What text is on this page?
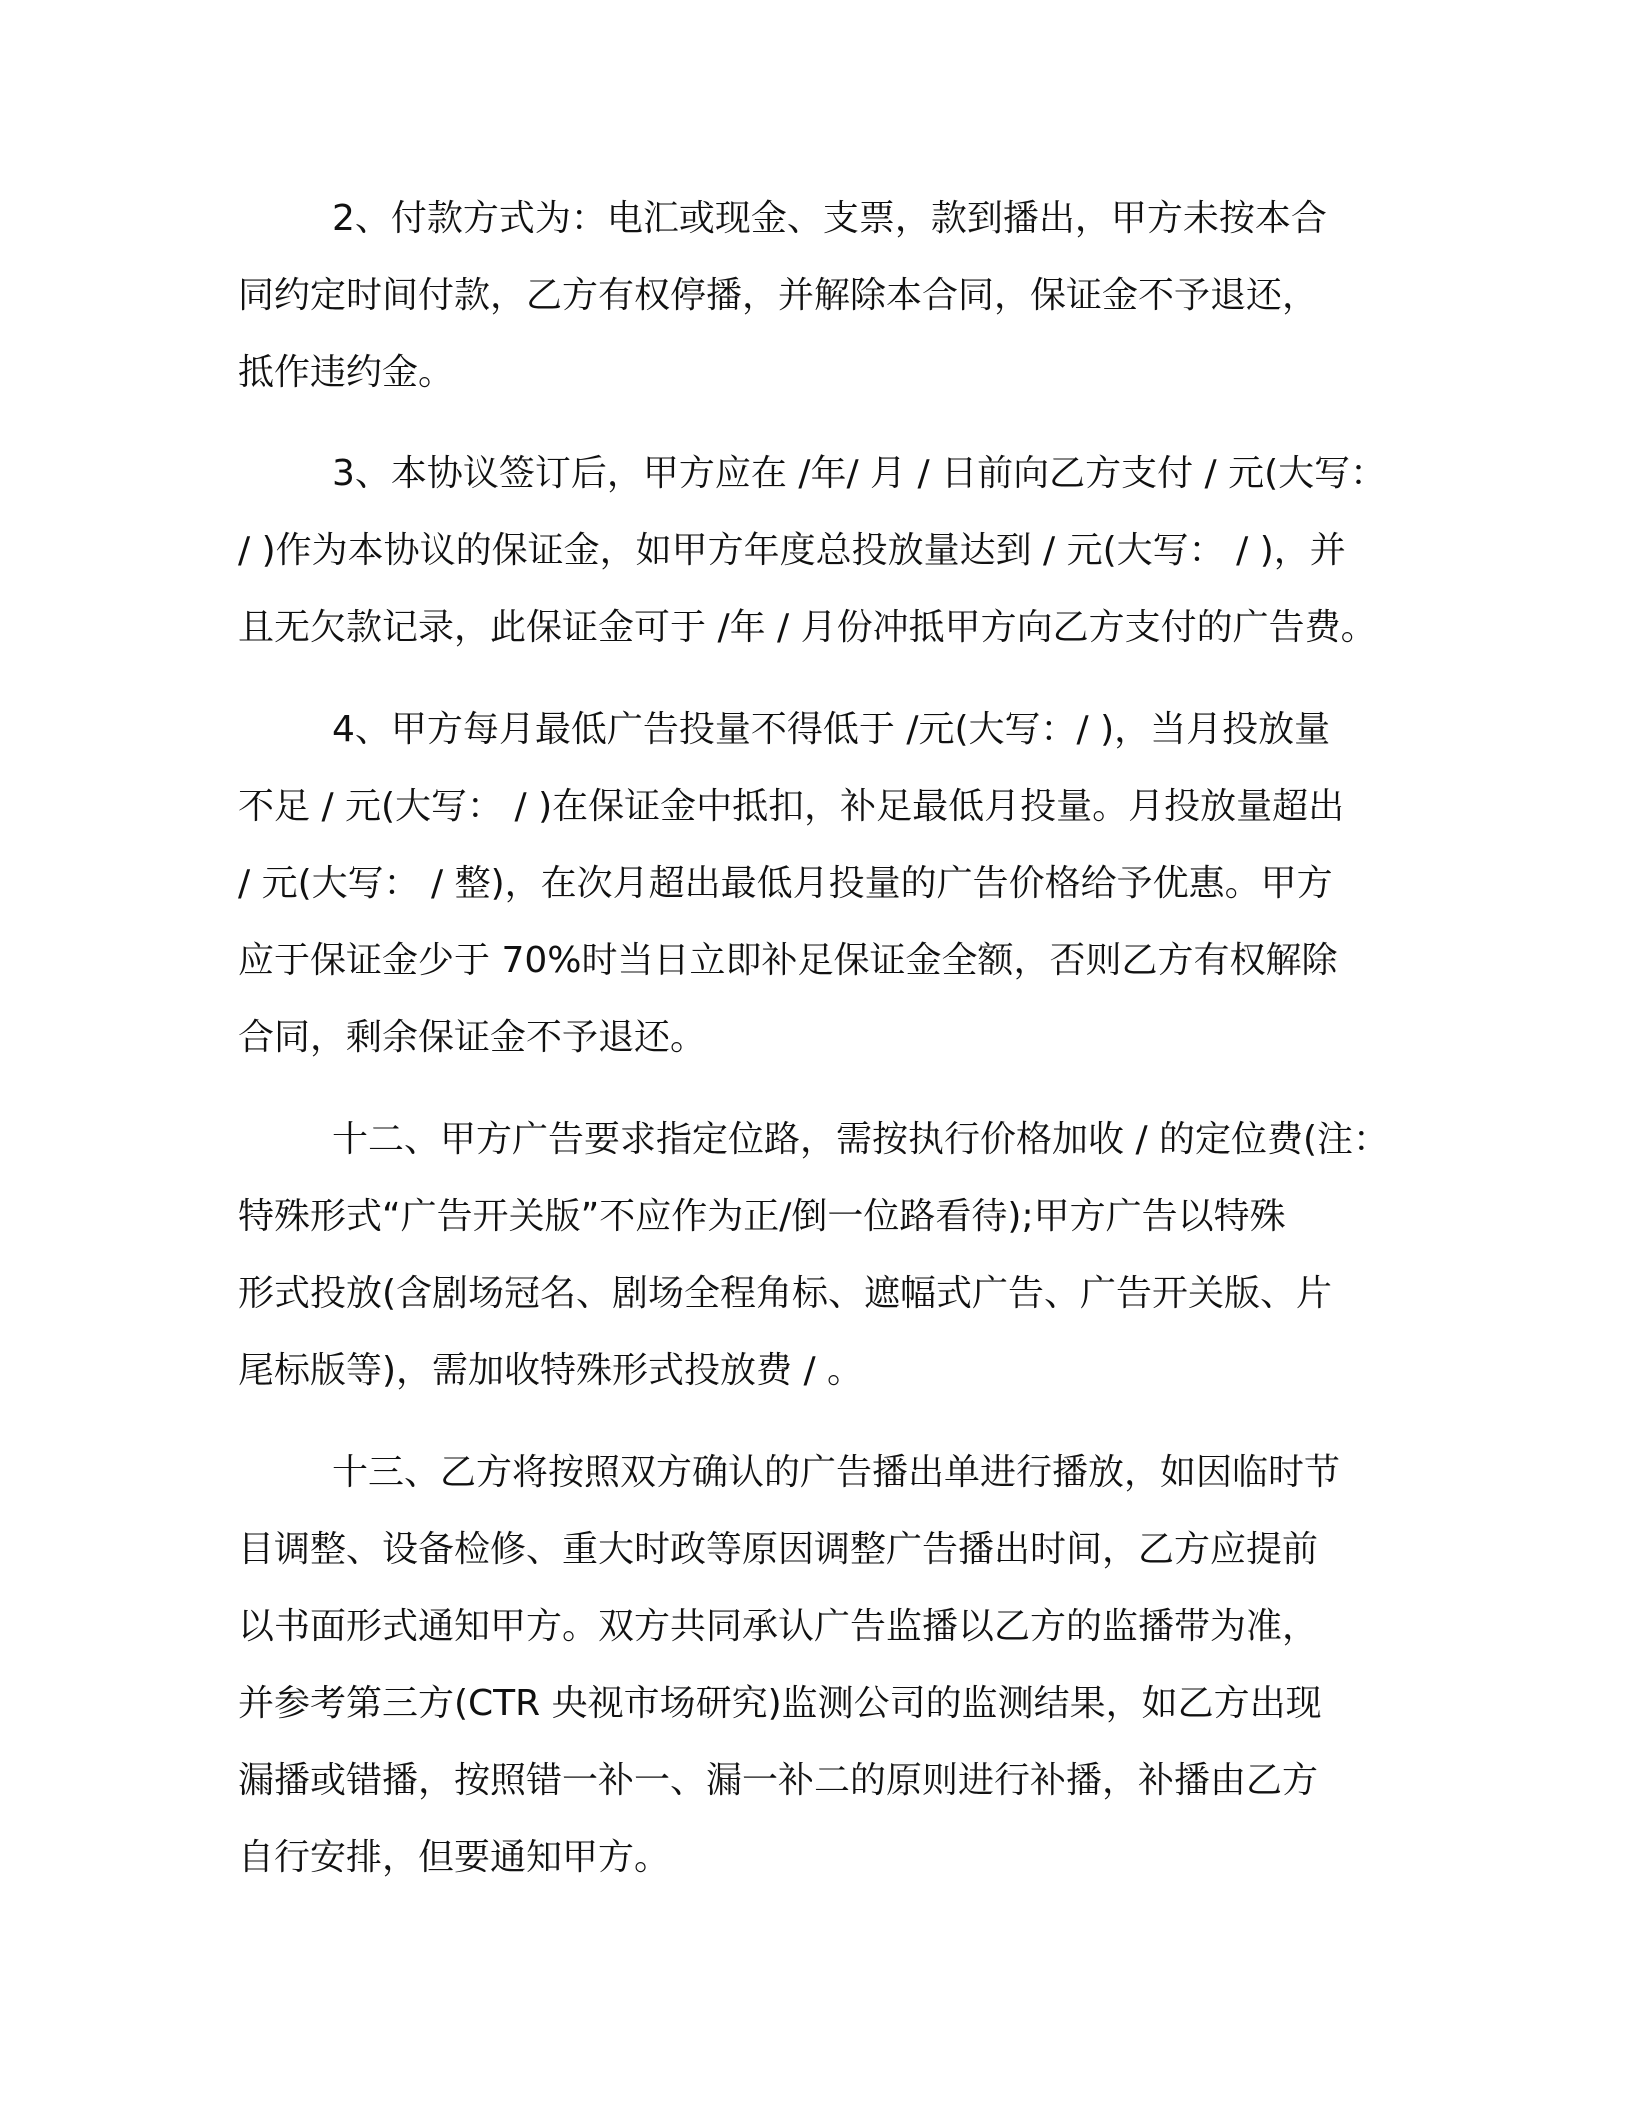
2、付款方式为：电汇或现金、支票，款到播出，甲方未按本合
同约定时间付款，乙方有权停播，并解除本合同，保证金不予退还，
抵作违约金。
3、本协议签订后，甲方应在 /年/ 月 / 日前向乙方支付 / 元(大写：
/ )作为本协议的保证金，如甲方年度总投放量达到 / 元(大写： / )，并
且无欠款记录，此保证金可于 /年 / 月份冲抵甲方向乙方支付的广告费。
4、甲方每月最低广告投量不得低于 /元(大写：/ )，当月投放量
不足 / 元(大写： / )在保证金中抵扣，补足最低月投量。月投放量超出
/ 元(大写： / 整)，在次月超出最低月投量的广告价格给予优惠。甲方
应于保证金少于 70%时当日立即补足保证金全额，否则乙方有权解除
合同，剩余保证金不予退还。
十二、甲方广告要求指定位路，需按执行价格加收 / 的定位费(注：
特殊形式“广告开关版”不应作为正/倒一位路看待);甲方广告以特殊
形式投放(含剧场冠名、剧场全程角标、遮幅式广告、广告开关版、片
尾标版等)，需加收特殊形式投放费 / 。
十三、乙方将按照双方确认的广告播出单进行播放，如因临时节
目调整、设备检修、重大时政等原因调整广告播出时间，乙方应提前
以书面形式通知甲方。双方共同承认广告监播以乙方的监播带为准，
并参考第三方(CTR 央视市场研究)监测公司的监测结果，如乙方出现
漏播或错播，按照错一补一、漏一补二的原则进行补播，补播由乙方
自行安排，但要通知甲方。
